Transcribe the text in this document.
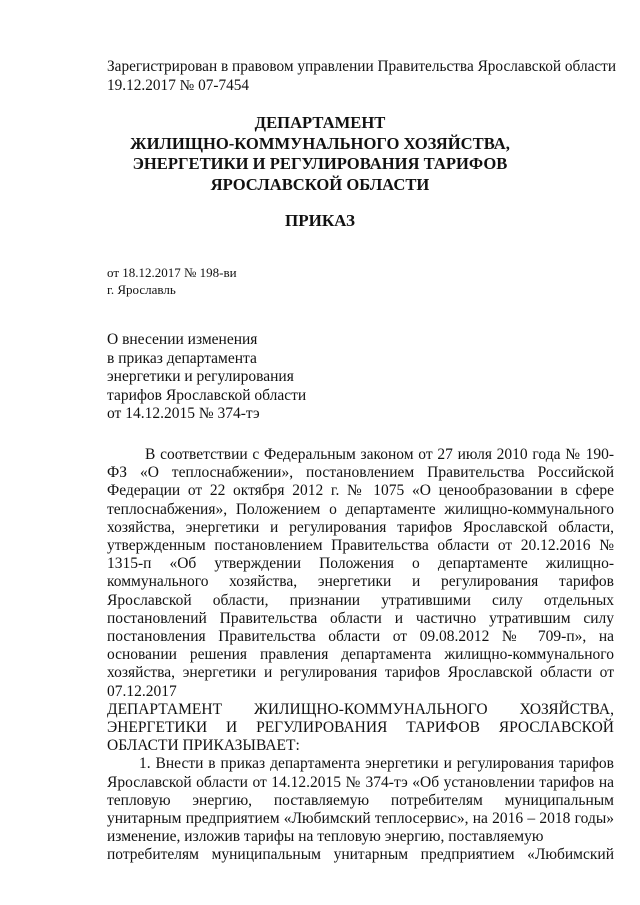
Зарегистрирован в правовом управлении Правительства Ярославской области
19.12.2017 № 07-7454
ДЕПАРТАМЕНТ
ЖИЛИЩНО-КОММУНАЛЬНОГО ХОЗЯЙСТВА,
ЭНЕРГЕТИКИ И РЕГУЛИРОВАНИЯ ТАРИФОВ
ЯРОСЛАВСКОЙ ОБЛАСТИ
ПРИКАЗ
от 18.12.2017 № 198-ви
г. Ярославль
О внесении изменения
в приказ департамента
энергетики и регулирования
тарифов Ярославской области
от 14.12.2015 № 374-тэ

В соответствии с Федеральным законом от 27 июля 2010 года № 190-ФЗ «О теплоснабжении», постановлением Правительства Российской Федерации от 22 октября 2012 г. № 1075 «О ценообразовании в сфере теплоснабжения», Положением о департаменте жилищно-коммунального хозяйства, энергетики и регулирования тарифов Ярославской области, утвержденным постановлением Правительства области от 20.12.2016 № 1315-п «Об утверждении Положения о департаменте жилищно-коммунального хозяйства, энергетики и регулирования тарифов Ярославской области, признании утратившими силу отдельных постановлений Правительства области и частично утратившим силу постановления Правительства области от 09.08.2012 № 709-п», на основании решения правления департамента жилищно-коммунального хозяйства, энергетики и регулирования тарифов Ярославской области от 07.12.2017

ДЕПАРТАМЕНТ ЖИЛИЩНО-КОММУНАЛЬНОГО ХОЗЯЙСТВА, ЭНЕРГЕТИКИ И РЕГУЛИРОВАНИЯ ТАРИФОВ ЯРОСЛАВСКОЙ ОБЛАСТИ ПРИКАЗЫВАЕТ:

1. Внести в приказ департамента энергетики и регулирования тарифов Ярославской области от 14.12.2015 № 374-тэ «Об установлении тарифов на тепловую энергию, поставляемую потребителям муниципальным унитарным предприятием «Любимский теплосервис», на 2016 – 2018 годы» изменение, изложив тарифы на тепловую энергию, поставляемую

потребителям муниципальным унитарным предприятием «Любимский
